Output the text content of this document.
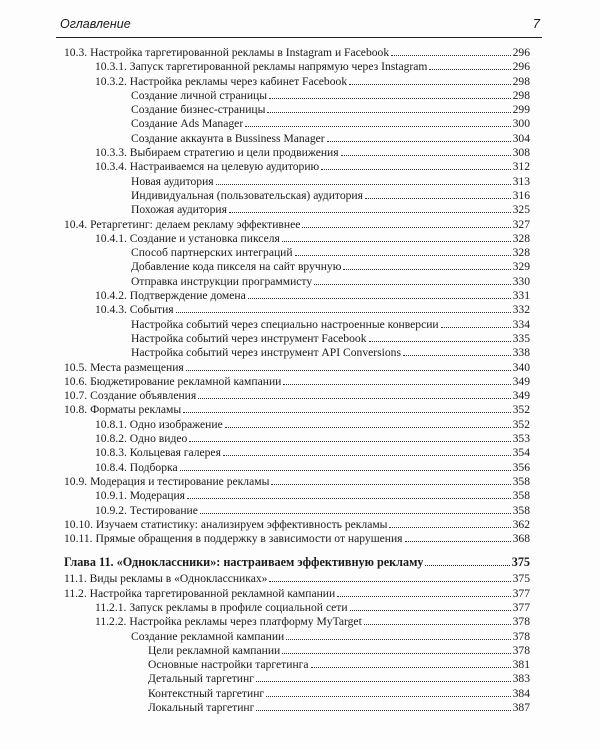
Оглавление	7
10.3. Настройка таргетированной рекламы в Instagram и Facebook	296
10.3.1. Запуск таргетированной рекламы напрямую через Instagram	296
10.3.2. Настройка рекламы через кабинет Facebook	298
Создание личной страницы	298
Создание бизнес-страницы	299
Создание Ads Manager	300
Создание аккаунта в Bussiness Manager	304
10.3.3. Выбираем стратегию и цели продвижения	308
10.3.4. Настраиваемся на целевую аудиторию	312
Новая аудитория	313
Индивидуальная (пользовательская) аудитория	316
Похожая аудитория	325
10.4. Ретаргетинг: делаем рекламу эффективнее	327
10.4.1. Создание и установка пикселя	328
Способ партнерских интеграций	328
Добавление кода пикселя на сайт вручную	329
Отправка инструкции программисту	330
10.4.2. Подтверждение домена	331
10.4.3. События	332
Настройка событий через специально настроенные конверсии	334
Настройка событий через инструмент Facebook	335
Настройка событий через инструмент API Conversions	338
10.5. Места размещения	340
10.6. Бюджетирование рекламной кампании	349
10.7. Создание объявления	349
10.8. Форматы рекламы	352
10.8.1. Одно изображение	352
10.8.2. Одно видео	353
10.8.3. Кольцевая галерея	354
10.8.4. Подборка	356
10.9. Модерация и тестирование рекламы	358
10.9.1. Модерация	358
10.9.2. Тестирование	358
10.10. Изучаем статистику: анализируем эффективность рекламы	362
10.11. Прямые обращения в поддержку в зависимости от нарушения	368
Глава 11. «Одноклассники»: настраиваем эффективную рекламу	375
11.1. Виды рекламы в «Одноклассниках»	375
11.2. Настройка таргетированной рекламной кампании	377
11.2.1. Запуск рекламы в профиле социальной сети	377
11.2.2. Настройка рекламы через платформу MyTarget	378
Создание рекламной кампании	378
Цели рекламной кампании	378
Основные настройки таргетинга	381
Детальный таргетинг	383
Контекстный таргетинг	384
Локальный таргетинг	387
